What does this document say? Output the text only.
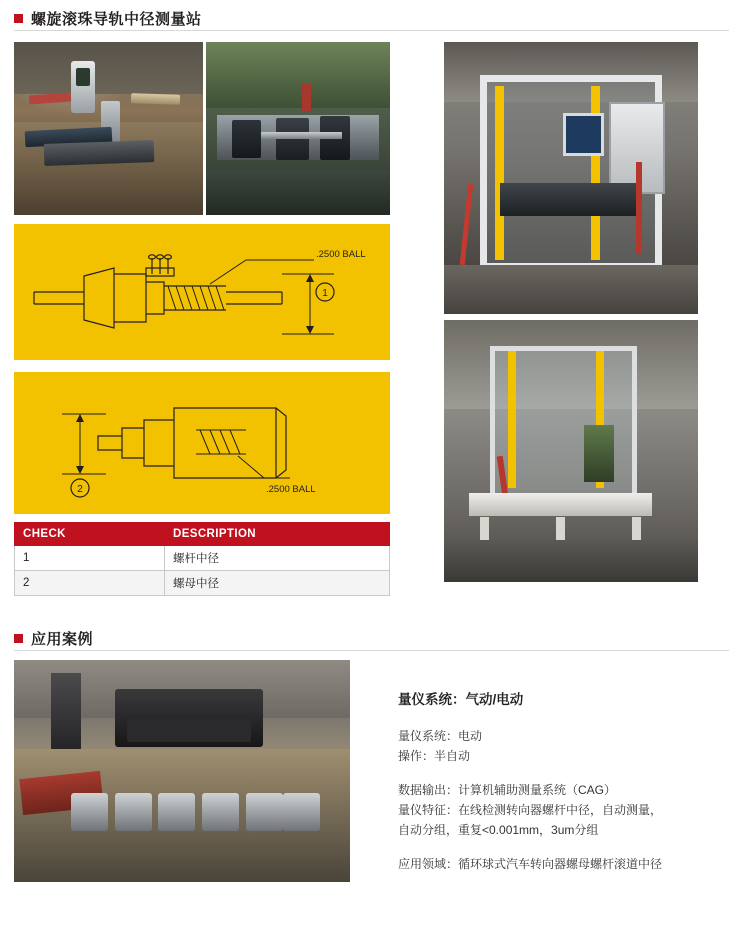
螺旋滚珠导轨中径测量站
.2500 BALL
1
2	.2500 BALL
CHECK	DESCRIPTION
1	螺杆中径
2	螺母中径
应用案例
量仪系统：气动/电动
量仪系统：电动
操作：半自动
数据输出：计算机辅助测量系统（CAG）
量仪特征：在线检测转向器螺杆中径，自动测量，
自动分组，重复<0.001mm，3um分组
应用领域：循环球式汽车转向器螺母螺杆滚道中径
